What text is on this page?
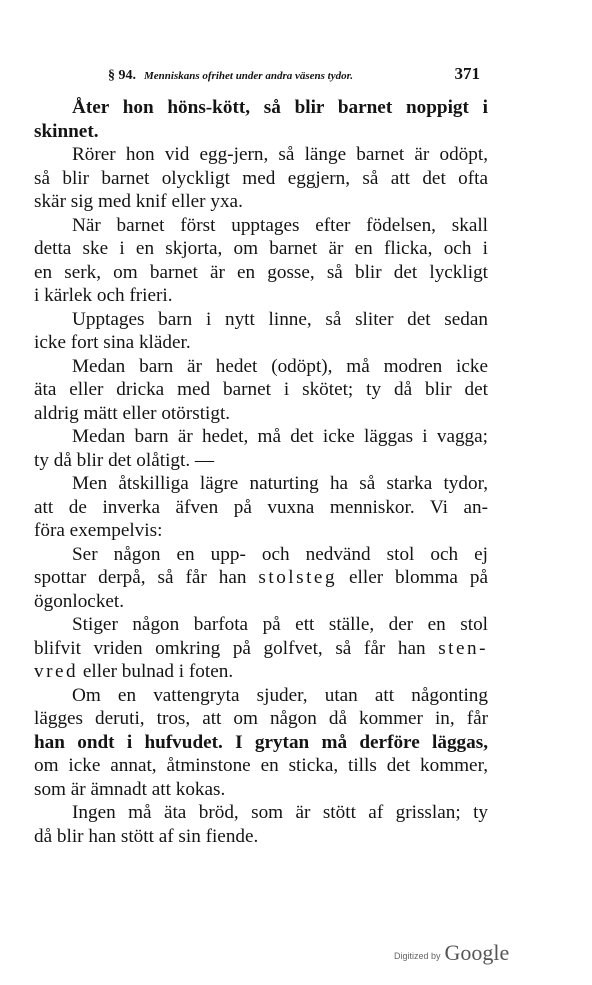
§ 94. Menniskans ofrihet under andra väsens tydor.	371
Åter hon höns-kött, så blir barnet noppigt i
skinnet.
Rörer hon vid egg-jern, så länge barnet är odöpt,
så blir barnet olyckligt med eggjern, så att det ofta
skär sig med knif eller yxa.
När barnet först upptages efter födelsen, skall
detta ske i en skjorta, om barnet är en flicka, och i
en serk, om barnet är en gosse, så blir det lyckligt
i kärlek och frieri.
Upptages barn i nytt linne, så sliter det sedan
icke fort sina kläder.
Medan barn är hedet (odöpt), må modren icke
äta eller dricka med barnet i skötet; ty då blir det
aldrig mätt eller otörstigt.
Medan barn är hedet, må det icke läggas i vagga;
ty då blir det olåtigt. —
Men åtskilliga lägre naturting ha så starka tydor,
att de inverka äfven på vuxna menniskor. Vi an-
föra exempelvis:
Ser någon en upp- och nedvänd stol och ej
spottar derpå, så får han stolsteg eller blomma på
ögonlocket.
Stiger någon barfota på ett ställe, der en stol
blifvit vriden omkring på golfvet, så får han sten-
vred eller bulnad i foten.
Om en vattengryta sjuder, utan att någonting
lägges deruti, tros, att om någon då kommer in, får
han ondt i hufvudet. I grytan må derföre läggas,
om icke annat, åtminstone en sticka, tills det kommer,
som är ämnadt att kokas.
Ingen må äta bröd, som är stött af grisslan; ty
då blir han stött af sin fiende.
Digitized by Google
